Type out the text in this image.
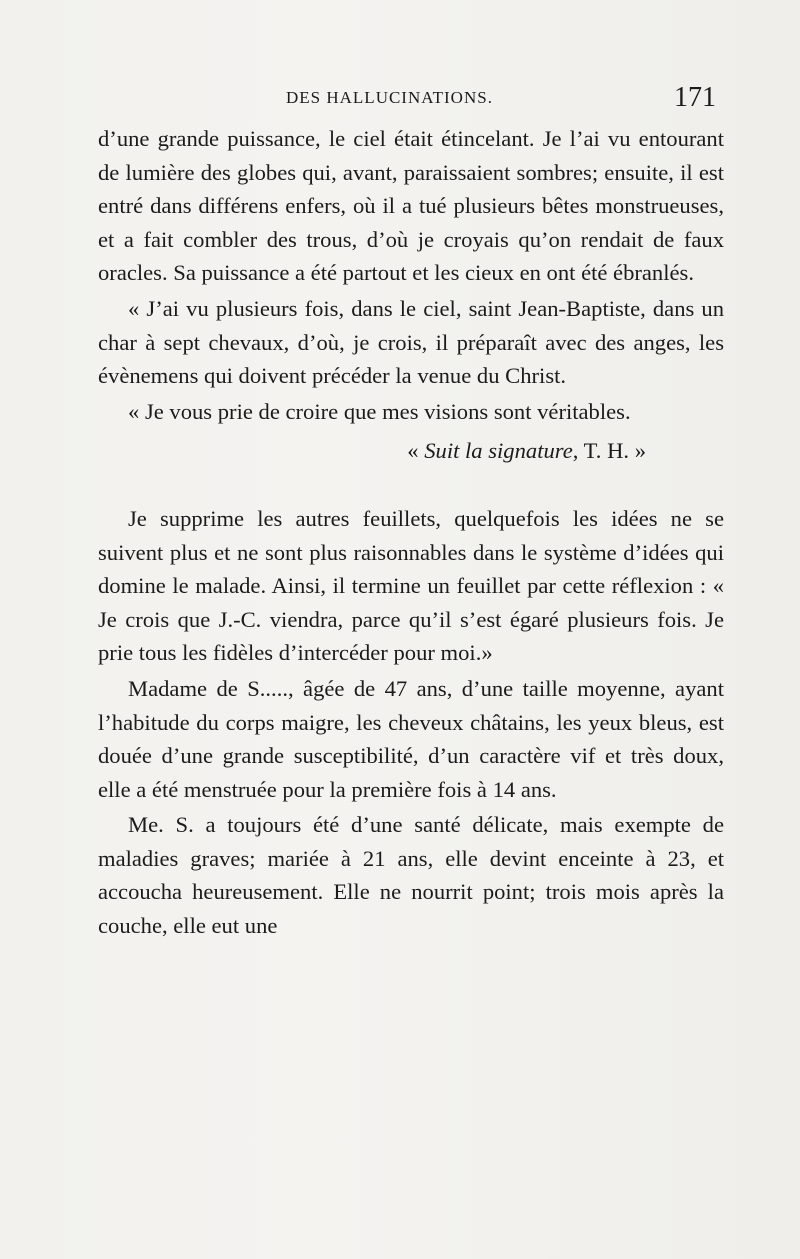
DES HALLUCINATIONS.	171

d’une grande puissance, le ciel était étincelant. Je l’ai vu entourant de lumière des globes qui, avant, paraissaient sombres; ensuite, il est entré dans différens enfers, où il a tué plusieurs bêtes monstrueuses, et a fait combler des trous, d’où je croyais qu’on rendait de faux oracles. Sa puissance a été partout et les cieux en ont été ébranlés.

« J’ai vu plusieurs fois, dans le ciel, saint Jean-Baptiste, dans un char à sept chevaux, d’où, je crois, il préparaît avec des anges, les évènemens qui doivent précéder la venue du Christ.

« Je vous prie de croire que mes visions sont véritables.

« Suit la signature, T. H. »

Je supprime les autres feuillets, quelquefois les idées ne se suivent plus et ne sont plus raisonnables dans le système d’idées qui domine le malade. Ainsi, il termine un feuillet par cette réflexion : « Je crois que J.-C. viendra, parce qu’il s’est égaré plusieurs fois. Je prie tous les fidèles d’intercéder pour moi.»

Madame de S....., âgée de 47 ans, d’une taille moyenne, ayant l’habitude du corps maigre, les cheveux châtains, les yeux bleus, est douée d’une grande susceptibilité, d’un caractère vif et très doux, elle a été menstruée pour la première fois à 14 ans.

Me. S. a toujours été d’une santé délicate, mais exempte de maladies graves; mariée à 21 ans, elle devint enceinte à 23, et accoucha heureusement. Elle ne nourrit point; trois mois après la couche, elle eut une
